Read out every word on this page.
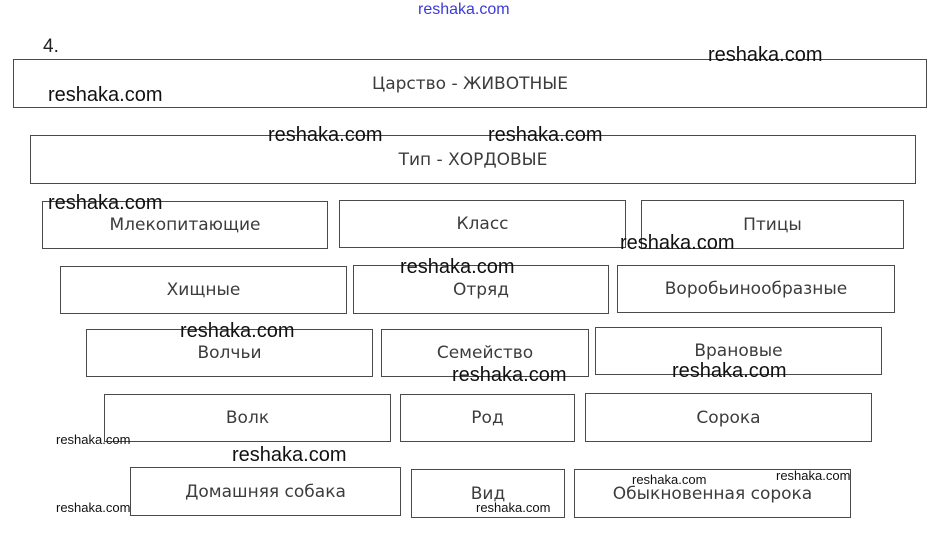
reshaka.com
4.
Царство - ЖИВОТНЫЕ
Тип - ХОРДОВЫЕ
Млекопитающие	Класс	Птицы
Хищные	Отряд	Воробьинообразные
Волчьи	Семейство	Врановые
Волк	Род	Сорока
Домашняя собака	Вид	Обыкновенная сорока
reshaka.com
reshaka.com
reshaka.com	reshaka.com
reshaka.com
reshaka.com
reshaka.com
reshaka.com
reshaka.com	reshaka.com
reshaka.com
reshaka.com
reshaka.com	reshaka.com
reshaka.com	reshaka.com
